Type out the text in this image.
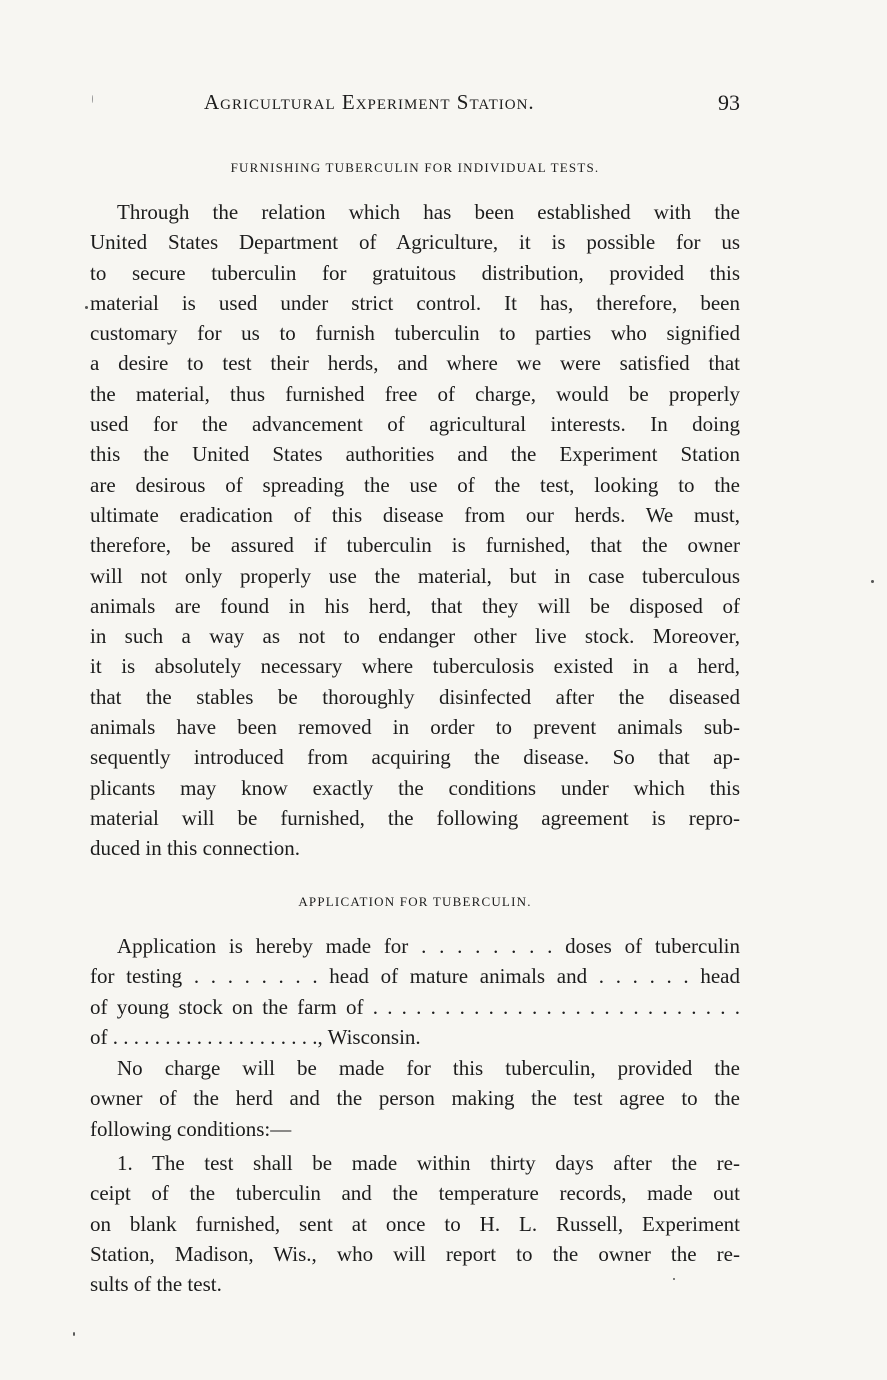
Agricultural Experiment Station.	93
FURNISHING TUBERCULIN FOR INDIVIDUAL TESTS.
Through the relation which has been established with the
United States Department of Agriculture, it is possible for us
to secure tuberculin for gratuitous distribution, provided this
material is used under strict control. It has, therefore, been
customary for us to furnish tuberculin to parties who signified
a desire to test their herds, and where we were satisfied that
the material, thus furnished free of charge, would be properly
used for the advancement of agricultural interests. In doing
this the United States authorities and the Experiment Station
are desirous of spreading the use of the test, looking to the
ultimate eradication of this disease from our herds. We must,
therefore, be assured if tuberculin is furnished, that the owner
will not only properly use the material, but in case tuberculous
animals are found in his herd, that they will be disposed of
in such a way as not to endanger other live stock. Moreover,
it is absolutely necessary where tuberculosis existed in a herd,
that the stables be thoroughly disinfected after the diseased
animals have been removed in order to prevent animals sub-
sequently introduced from acquiring the disease. So that ap-
plicants may know exactly the conditions under which this
material will be furnished, the following agreement is repro-
duced in this connection.
APPLICATION FOR TUBERCULIN.
Application is hereby made for . . . . . . . . doses of tuberculin
for testing . . . . . . . . head of mature animals and . . . . . . head
of young stock on the farm of . . . . . . . . . . . . . . . . . . . . . . . . . .
of . . . . . . . . . . . . . . . . . . . ., Wisconsin.
No charge will be made for this tuberculin, provided the
owner of the herd and the person making the test agree to the
following conditions:—
1. The test shall be made within thirty days after the re-
ceipt of the tuberculin and the temperature records, made out
on blank furnished, sent at once to H. L. Russell, Experiment
Station, Madison, Wis., who will report to the owner the re-
sults of the test.
